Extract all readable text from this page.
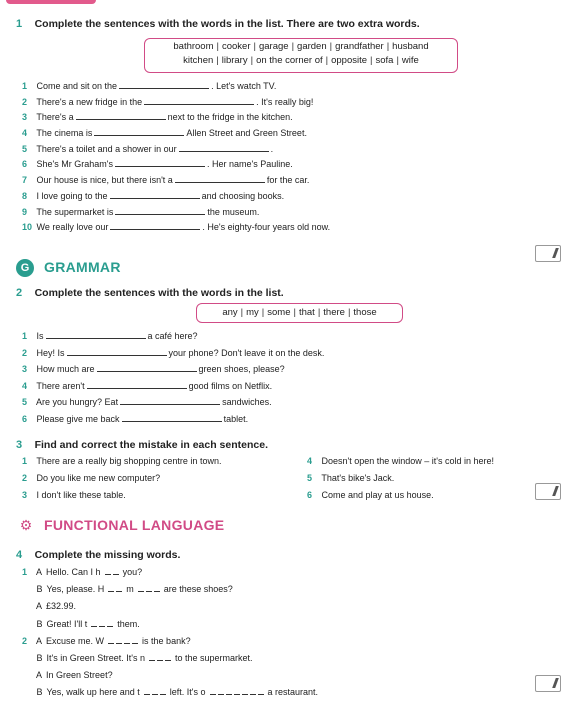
1 Complete the sentences with the words in the list. There are two extra words.
bathroom | cooker | garage | garden | grandfather | husband
kitchen | library | on the corner of | opposite | sofa | wife
1 Come and sit on the	. Let's watch TV.
2 There's a new fridge in the	. It's really big!
3 There's a	next to the fridge in the kitchen.
4 The cinema is	Allen Street and Green Street.
5 There's a toilet and a shower in our	.
6 She's Mr Graham's	. Her name's Pauline.
7 Our house is nice, but there isn't a	for the car.
8 I love going to the	and choosing books.
9 The supermarket is	the museum.
10 We really love our	. He's eighty-four years old now.
G	GRAMMAR
2 Complete the sentences with the words in the list.
any | my | some | that | there | those
1 Is	a café here?
2 Hey! Is	your phone? Don't leave it on the desk.
3 How much are	green shoes, please?
4 There aren't	good films on Netflix.
5 Are you hungry? Eat	sandwiches.
6 Please give me back	tablet.
3 Find and correct the mistake in each sentence.
1 There are a really big shopping centre in town.
2 Do you like me new computer?
3 I don't like these table.
4 Doesn't open the window – it's cold in here!
5 That's bike's Jack.
6 Come and play at us house.
⚙ FUNCTIONAL LANGUAGE
4 Complete the missing words.
1 A Hello. Can I h you?
B Yes, please. H m	are these shoes?
A £32.99.
B Great! I'll t	them.
2 A Excuse me. W	is the bank?
B It's in Green Street. It's n	to the supermarket.
A In Green Street?
B Yes, walk up here and t	left. It's o	a restaurant.
